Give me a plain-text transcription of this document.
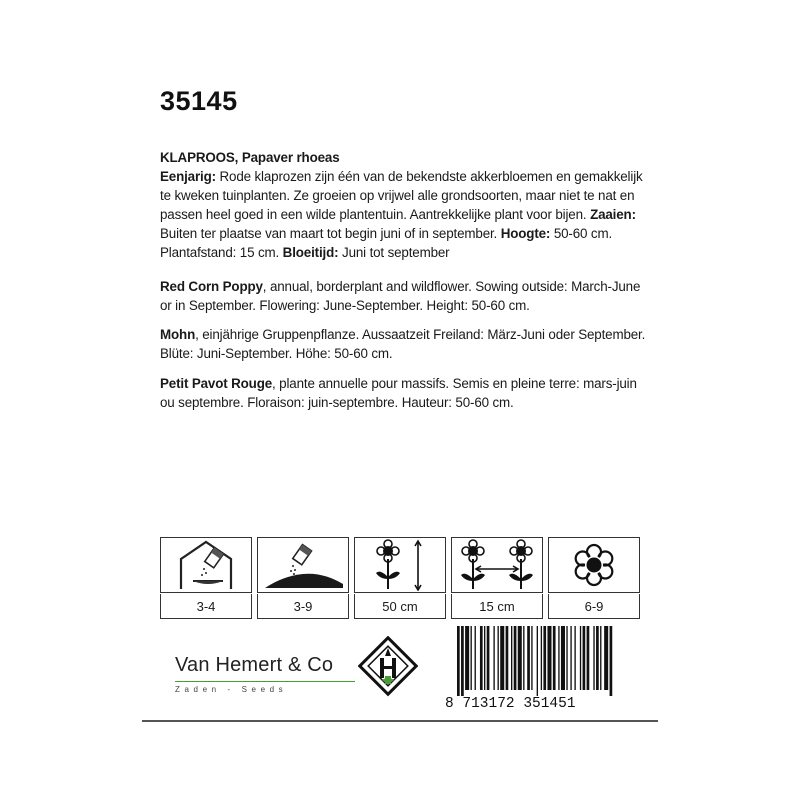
35145
KLAPROOS, Papaver rhoeas
Eenjarig: Rode klaprozen zijn één van de bekendste akkerbloemen en gemakkelijk te kweken tuinplanten. Ze groeien op vrijwel alle grondsoorten, maar niet te nat en passen heel goed in een wilde plantentuin. Aantrekkelijke plant voor bijen. Zaaien: Buiten ter plaatse van maart tot begin juni of in september. Hoogte: 50-60 cm.
Plantafstand: 15 cm. Bloeitijd: Juni tot september
Red Corn Poppy, annual, borderplant and wildflower. Sowing outside: March-June or in September. Flowering: June-September. Height: 50-60 cm.
Mohn, einjährige Gruppenpflanze. Aussaatzeit Freiland: März-Juni oder September. Blüte: Juni-September. Höhe: 50-60 cm.
Petit Pavot Rouge, plante annuelle pour massifs. Semis en pleine terre: mars-juin ou septembre. Floraison: juin-septembre. Hauteur: 50-60 cm.
3-4	3-9	50 cm	15 cm	6-9
Van Hemert & Co
Zaden - Seeds
8 713172 351451
